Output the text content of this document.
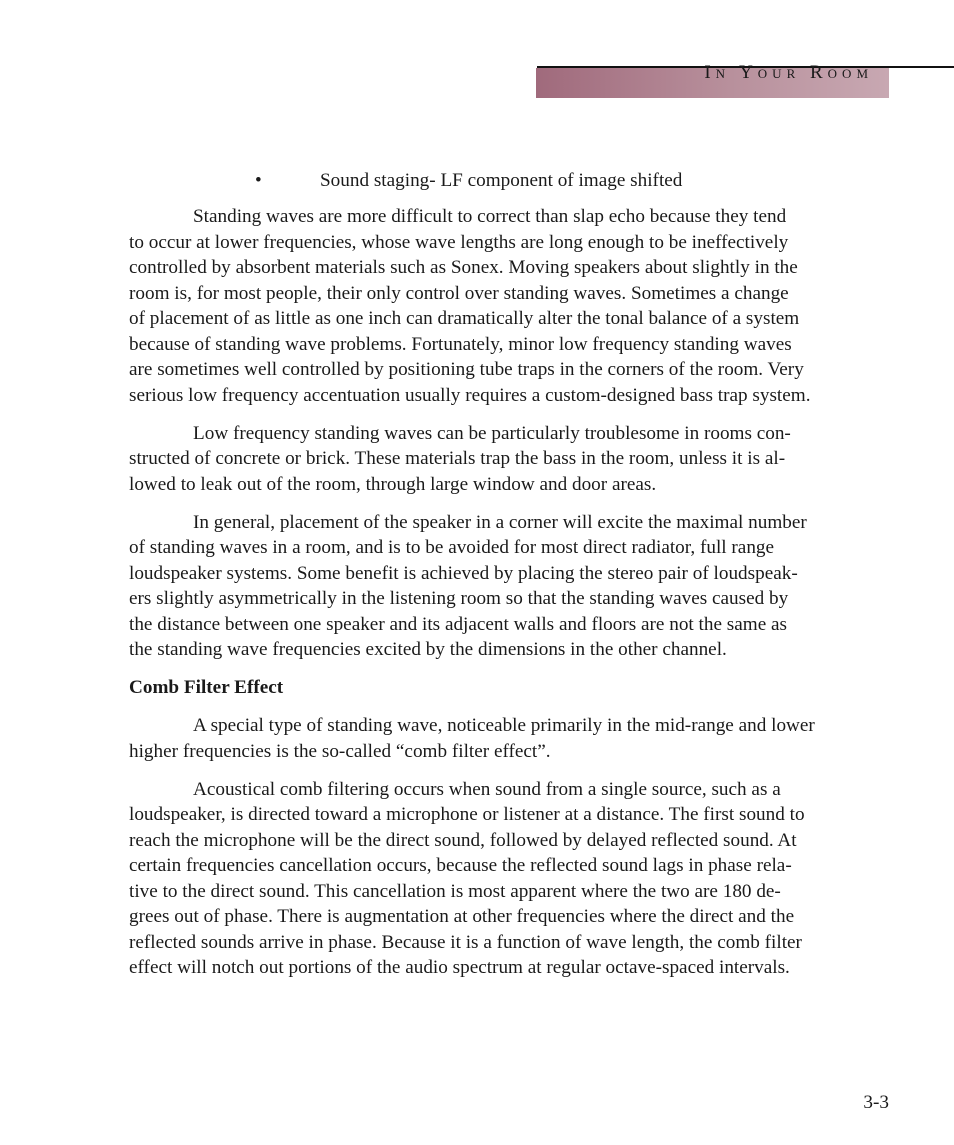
In Your Room
•	Sound staging- LF component of image shifted

Standing waves are more difficult to correct than slap echo because they tend
to occur at lower frequencies, whose wave lengths are long enough to be ineffectively
controlled by absorbent materials such as Sonex. Moving speakers about slightly in the
room is, for most people, their only control over standing waves. Sometimes a change
of placement of as little as one inch can dramatically alter the tonal balance of a system
because of standing wave problems. Fortunately, minor low frequency standing waves
are sometimes well controlled by positioning tube traps in the corners of the room. Very
serious low frequency accentuation usually requires a custom-designed bass trap system.

Low frequency standing waves can be particularly troublesome in rooms con-
structed of concrete or brick. These materials trap the bass in the room, unless it is al-
lowed to leak out of the room, through large window and door areas.

In general, placement of the speaker in a corner will excite the maximal number
of standing waves in a room, and is to be avoided for most direct radiator, full range
loudspeaker systems. Some benefit is achieved by placing the stereo pair of loudspeak-
ers slightly asymmetrically in the listening room so that the standing waves caused by
the distance between one speaker and its adjacent walls and floors are not the same as
the standing wave frequencies excited by the dimensions in the other channel.

Comb Filter Effect

A special type of standing wave, noticeable primarily in the mid-range and lower
higher frequencies is the so-called “comb filter effect”.

Acoustical comb filtering occurs when sound from a single source, such as a
loudspeaker, is directed toward a microphone or listener at a distance. The first sound to
reach the microphone will be the direct sound, followed by delayed reflected sound. At
certain frequencies cancellation occurs, because the reflected sound lags in phase rela-
tive to the direct sound. This cancellation is most apparent where the two are 180 de-
grees out of phase. There is augmentation at other frequencies where the direct and the
reflected sounds arrive in phase. Because it is a function of wave length, the comb filter
effect will notch out portions of the audio spectrum at regular octave-spaced intervals.

3-3
